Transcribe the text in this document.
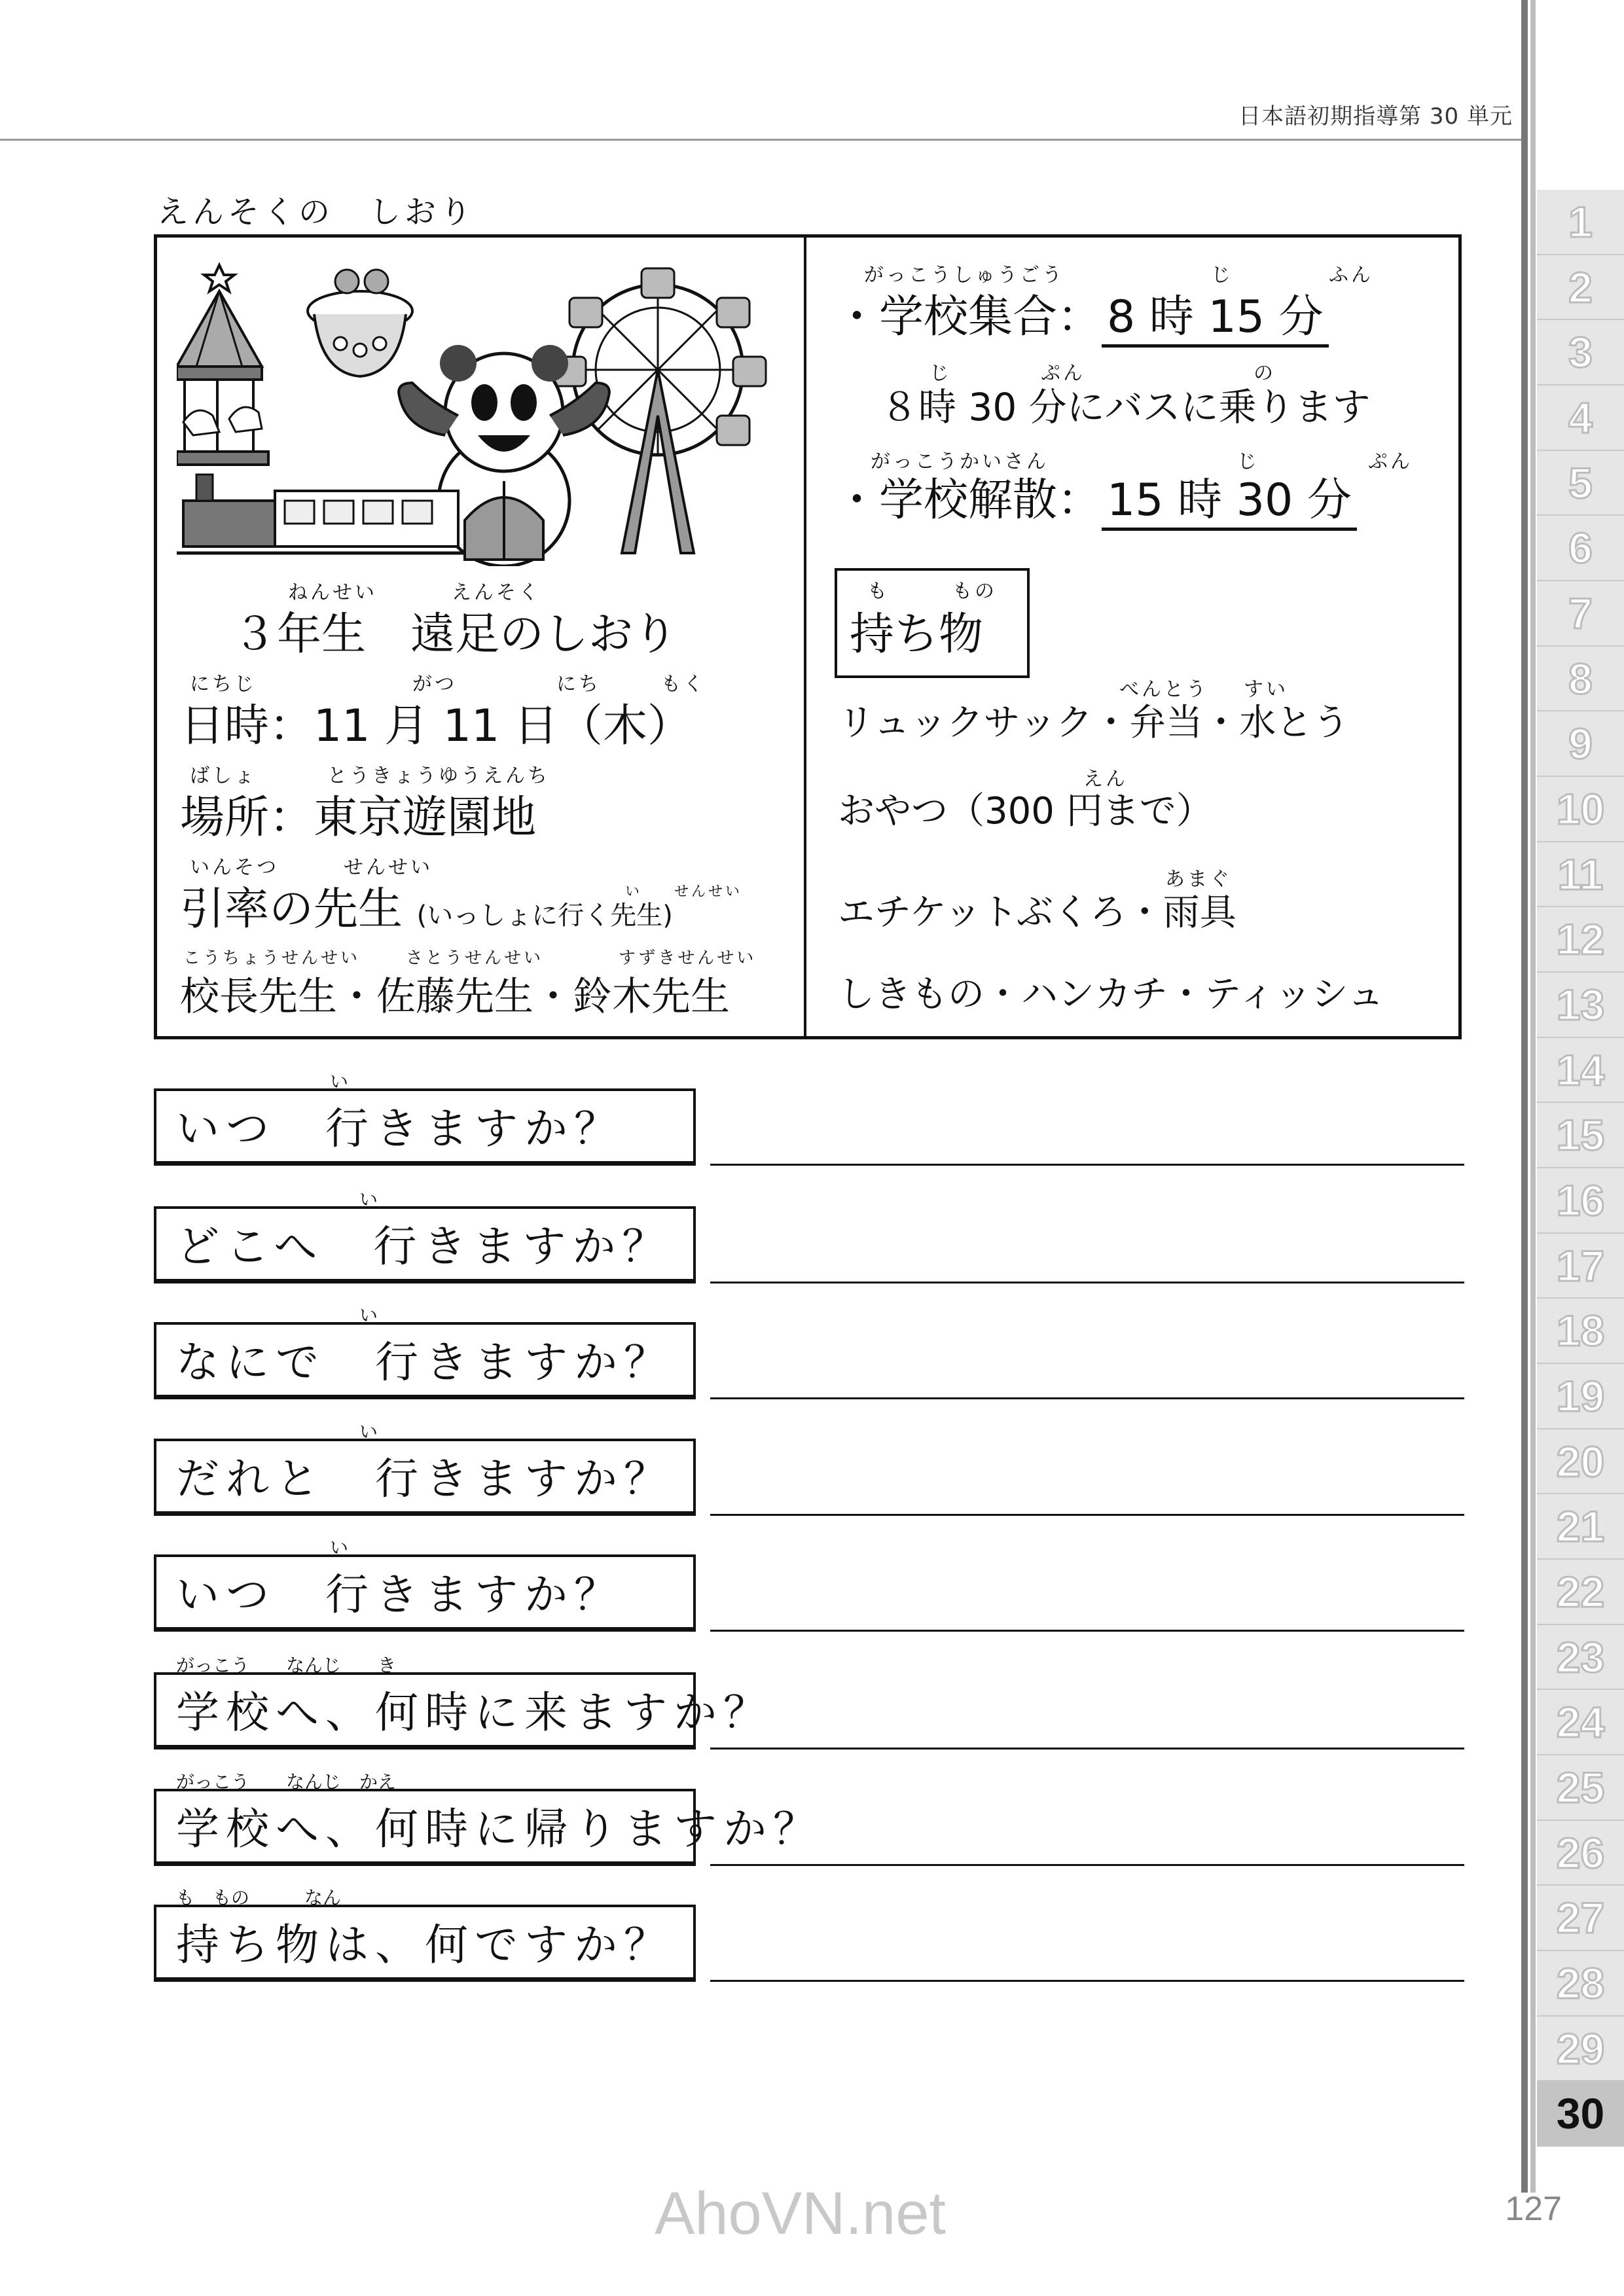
日本語初期指導第 30 単元
1
2
3
4
5
6
7
8
9
10
11
12
13
14
15
16
17
18
19
20
21
22
23
24
25
26
27
28
29
30
127
AhoVN.net
えんそくの　しおり
ねんせい	えんそく
３年生　遠足のしおり
にちじ	がつ	にち	もく
日時：11 月 11 日（木）
ばしょ	とうきょうゆうえんち
場所：東京遊園地
いんそつ	せんせい
い せんせい
引率の先生 (いっしょに行く先生)
こうちょうせんせい	さとうせんせい	すずきせんせい
校長先生・佐藤先生・鈴木先生
がっこうしゅうごう	じ	ふん
・学校集合： 8 時 15 分
じ	ぷん	の
８時 30 分にバスに乗ります
がっこうかいさん	じ	ぷん
・学校解散： 15 時 30 分
も	もの
持ち物
べんとう すい
リュックサック・弁当・水とう
えん
おやつ（300 円まで）
あまぐ
エチケットぶくろ・雨具
しきもの・ハンカチ・ティッシュ
い
いつ　行きますか？
い
どこへ　行きますか？
い
なにで　行きますか？
い
だれと　行きますか？
い
いつ　行きますか？
がっこう　　なんじ　　き
学校へ、何時に来ますか？
がっこう　　なんじ　かえ
学校へ、何時に帰りますか？
も　もの　　　なん
持ち物は、何ですか？
